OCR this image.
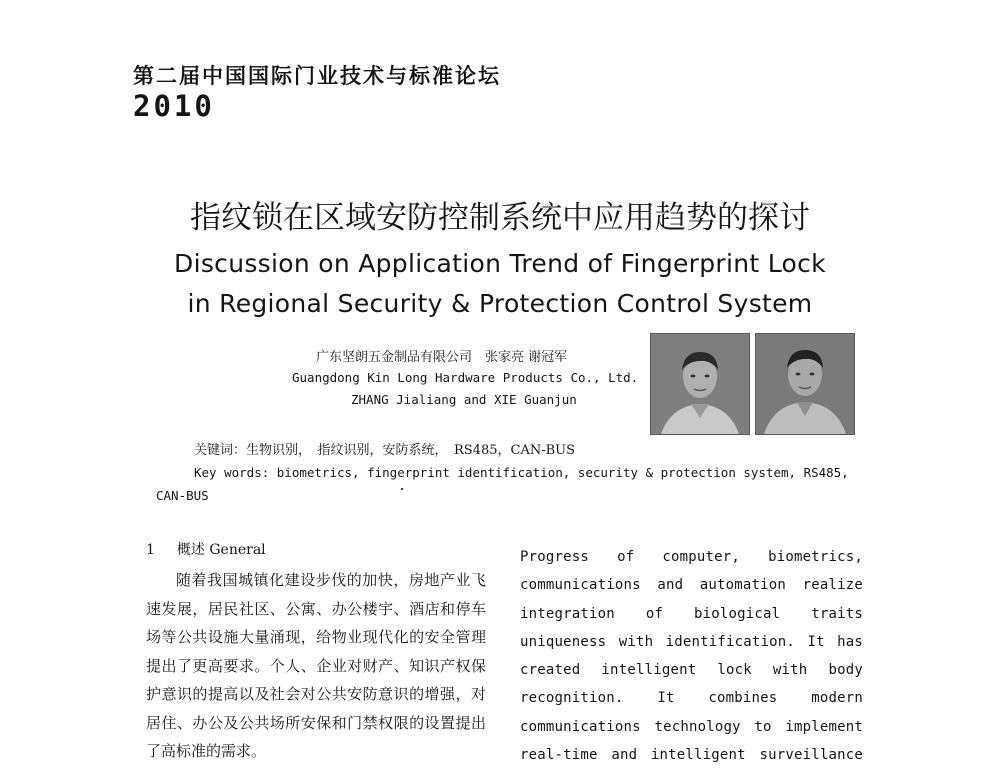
第二届中国国际门业技术与标准论坛
2010
指纹锁在区域安防控制系统中应用趋势的探讨
Discussion on Application Trend of Fingerprint Lock
in Regional Security & Protection Control System
广东坚朗五金制品有限公司　张家亮 谢冠军
Guangdong Kin Long Hardware Products Co., Ltd.
ZHANG Jialiang and XIE Guanjun
关键词：生物识别，　指纹识别，安防系统，　RS485，CAN-BUS
Key words: biometrics, fingerprint identification, security & protection system, RS485, CAN-BUS
1 概述 General
随着我国城镇化建设步伐的加快，房地产业飞速发展，居民社区、公寓、办公楼宇、酒店和停车场等公共设施大量涌现，给物业现代化的安全管理提出了更高要求。个人、企业对财产、知识产权保护意识的提高以及社会对公共安防意识的增强，对居住、办公及公共场所安保和门禁权限的设置提出了高标准的需求。
Progress of computer, biometrics,
communications and automation realize
integration of biological traits
uniqueness with identification. It has
created intelligent lock with body
recognition. It combines modern
communications technology to implement
real-time and intelligent surveillance
